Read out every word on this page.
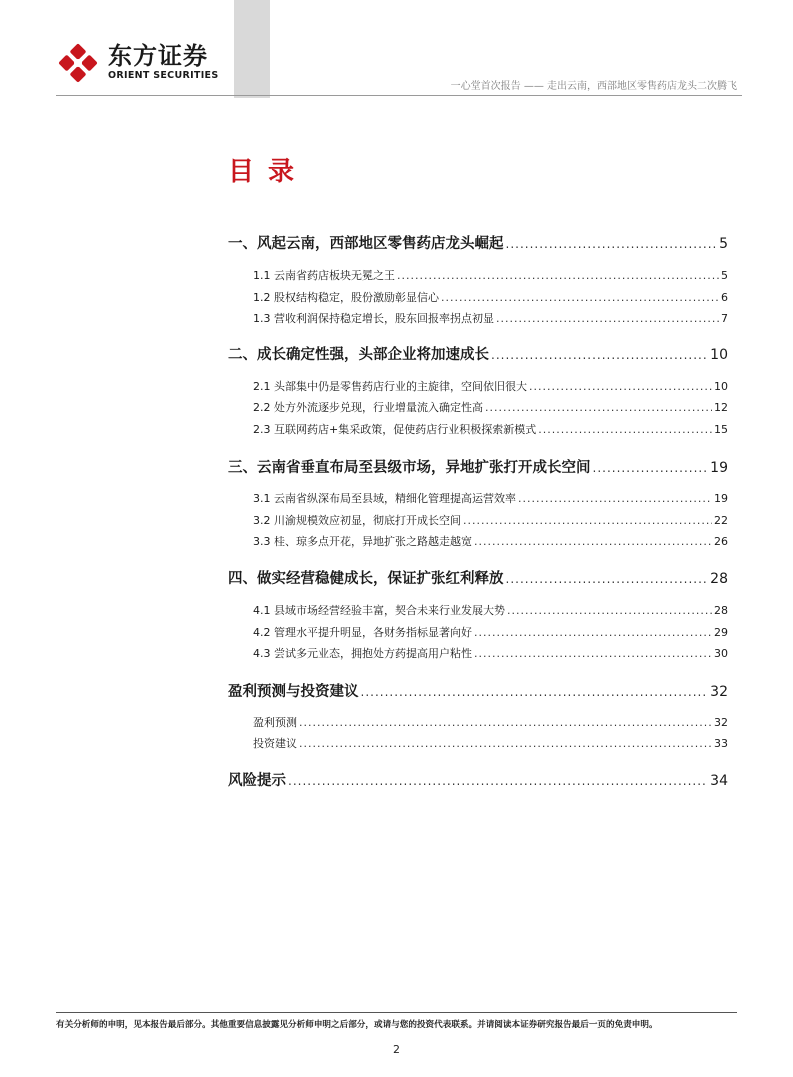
东方证券
ORIENT SECURITIES
一心堂首次报告 —— 走出云南，西部地区零售药店龙头二次腾飞
目录
一、风起云南，西部地区零售药店龙头崛起 .....	5
1.1 云南省药店板块无冕之王 .....	5
1.2 股权结构稳定，股份激励彰显信心 .....	6
1.3 营收利润保持稳定增长，股东回报率拐点初显 .....	7
二、成长确定性强，头部企业将加速成长 .....	10
2.1 头部集中仍是零售药店行业的主旋律，空间依旧很大 .....	10
2.2 处方外流逐步兑现，行业增量流入确定性高 .....	12
2.3 互联网药店+集采政策，促使药店行业积极探索新模式 .....	15
三、云南省垂直布局至县级市场，异地扩张打开成长空间 .....	19
3.1 云南省纵深布局至县域，精细化管理提高运营效率 .....	19
3.2 川渝规模效应初显，彻底打开成长空间 .....	22
3.3 桂、琼多点开花，异地扩张之路越走越宽 .....	26
四、做实经营稳健成长，保证扩张红利释放 .....	28
4.1 县域市场经营经验丰富，契合未来行业发展大势 .....	28
4.2 管理水平提升明显，各财务指标显著向好 .....	29
4.3 尝试多元业态，拥抱处方药提高用户粘性 .....	30
盈利预测与投资建议 .....	32
盈利预测 .....	32
投资建议 .....	33
风险提示 .....	34
有关分析师的申明，见本报告最后部分。其他重要信息披露见分析师申明之后部分，或请与您的投资代表联系。并请阅读本证券研究报告最后一页的免责申明。
2
